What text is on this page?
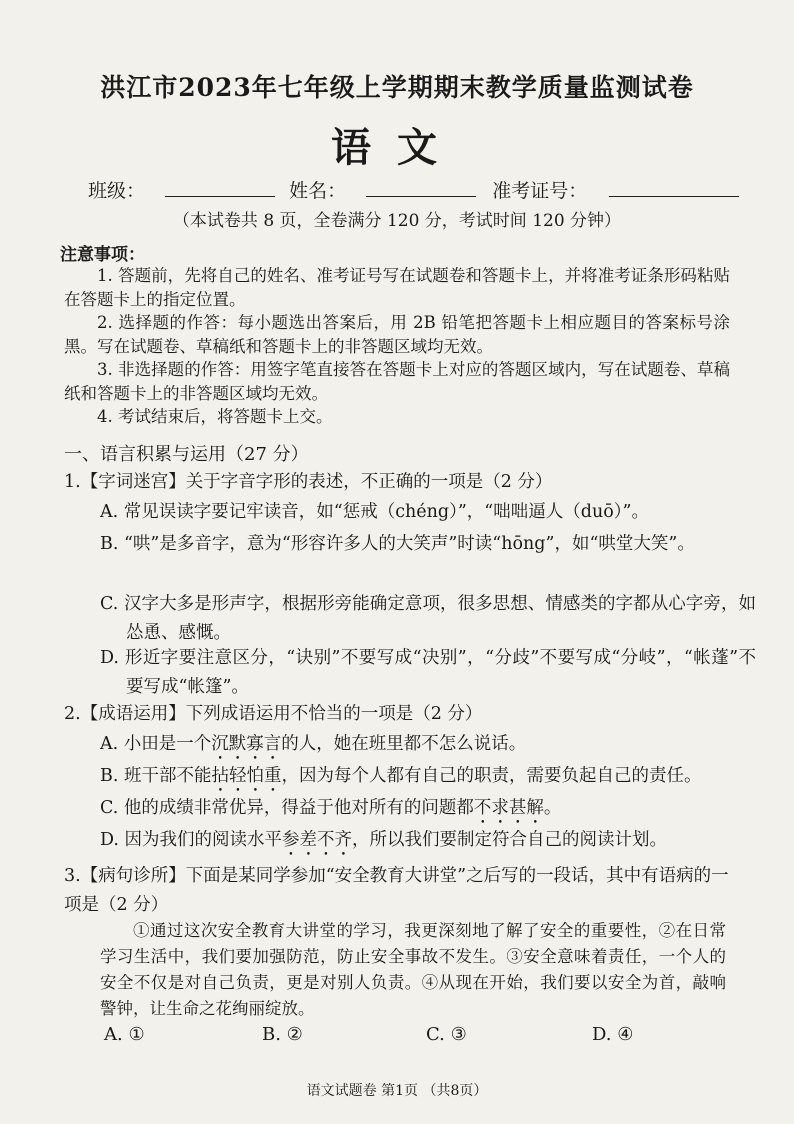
洪江市2023年七年级上学期期末教学质量监测试卷
语文
班级：	姓名：	准考证号：
（本试卷共 8 页，全卷满分 120 分，考试时间 120 分钟）
注意事项：
1. 答题前，先将自己的姓名、准考证号写在试题卷和答题卡上，并将准考证条形码粘贴在答题卡上的指定位置。
2. 选择题的作答：每小题选出答案后，用 2B 铅笔把答题卡上相应题目的答案标号涂黑。写在试题卷、草稿纸和答题卡上的非答题区域均无效。
3. 非选择题的作答：用签字笔直接答在答题卡上对应的答题区域内，写在试题卷、草稿纸和答题卡上的非答题区域均无效。
4. 考试结束后，将答题卡上交。
一、语言积累与运用（27 分）
1.【字词迷宫】关于字音字形的表述，不正确的一项是（2 分）
A. 常见误读字要记牢读音，如“惩戒（chéng）”，“咄咄逼人（duō）”。
B. “哄”是多音字，意为“形容许多人的大笑声”时读“hōng”，如“哄堂大笑”。
C. 汉字大多是形声字，根据形旁能确定意项，很多思想、情感类的字都从心字旁，如怂恿、感慨。
D. 形近字要注意区分，“诀别”不要写成“决别”，“分歧”不要写成“分岐”，“帐蓬”不要写成“帐篷”。
2.【成语运用】下列成语运用不恰当的一项是（2 分）
A. 小田是一个沉默寡言的人，她在班里都不怎么说话。
B. 班干部不能拈轻怕重，因为每个人都有自己的职责，需要负起自己的责任。
C. 他的成绩非常优异，得益于他对所有的问题都不求甚解。
D. 因为我们的阅读水平参差不齐，所以我们要制定符合自己的阅读计划。
3.【病句诊所】下面是某同学参加“安全教育大讲堂”之后写的一段话，其中有语病的一项是（2 分）
①通过这次安全教育大讲堂的学习，我更深刻地了解了安全的重要性，②在日常学习生活中，我们要加强防范，防止安全事故不发生。③安全意味着责任，一个人的安全不仅是对自己负责，更是对别人负责。④从现在开始，我们要以安全为首，敲响警钟，让生命之花绚丽绽放。
A. ①	B. ②	C. ③	D. ④
语文试题卷 第1页 （共8页）
